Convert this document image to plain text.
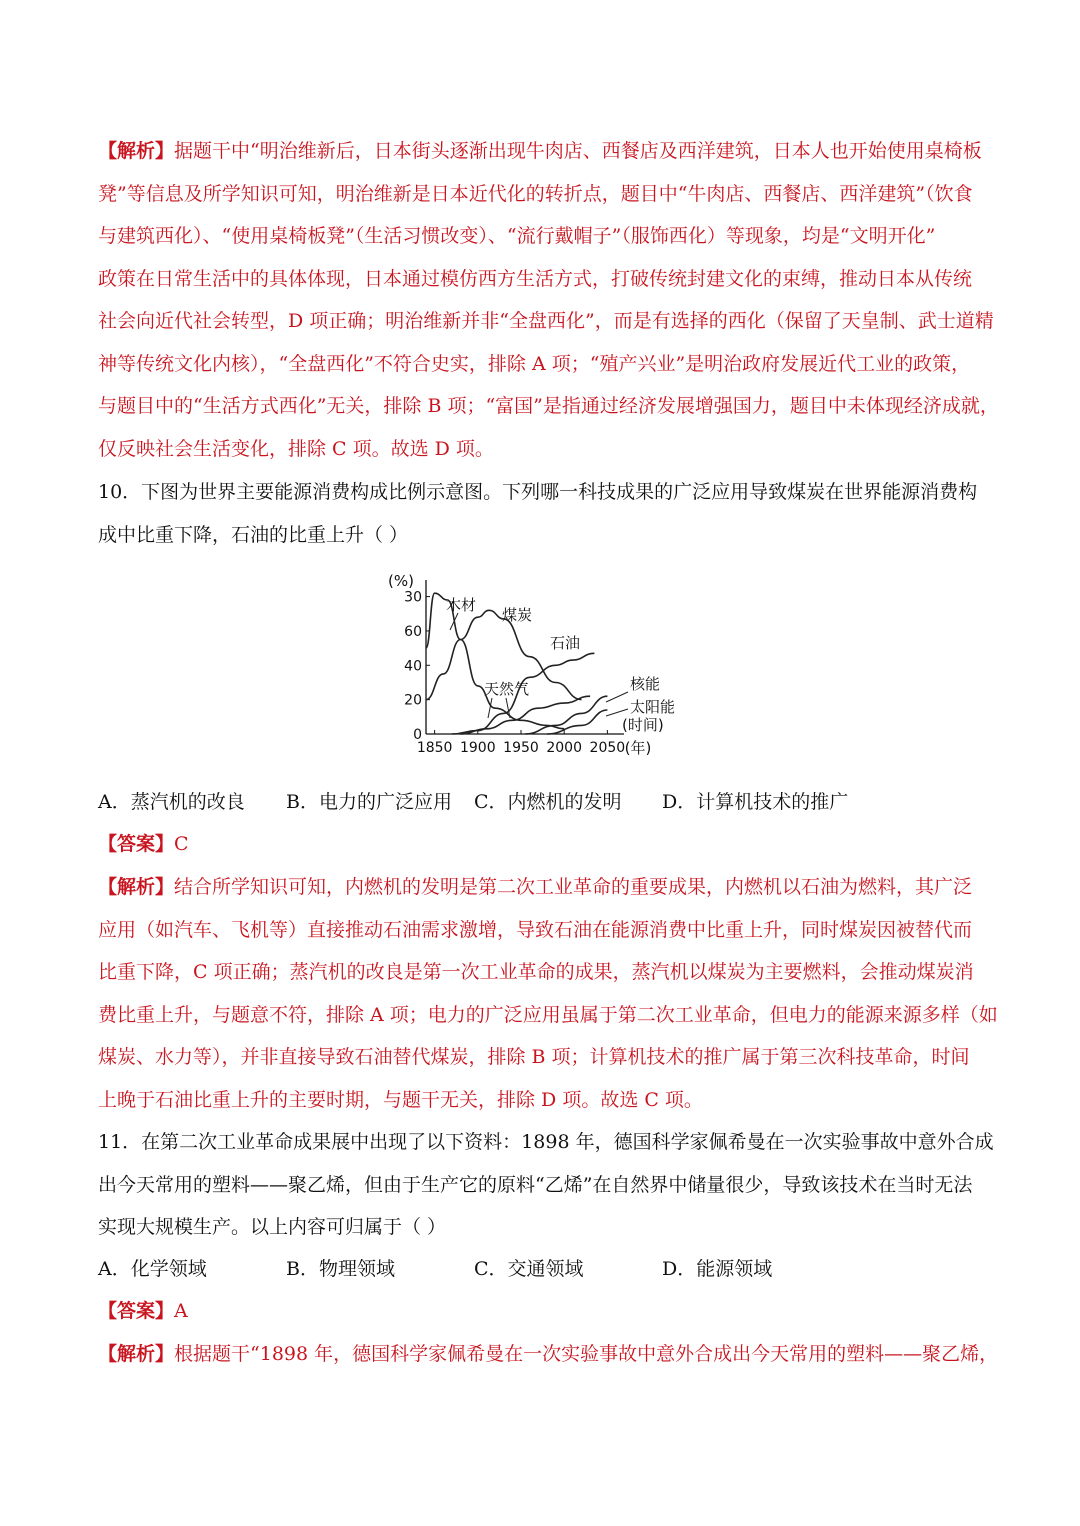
【解析】据题干中“明治维新后，日本街头逐渐出现牛肉店、西餐店及西洋建筑，日本人也开始使用桌椅板
凳”等信息及所学知识可知，明治维新是日本近代化的转折点，题目中“牛肉店、西餐店、西洋建筑”（饮食
与建筑西化）、“使用桌椅板凳”（生活习惯改变）、“流行戴帽子”（服饰西化）等现象，均是“文明开化”
政策在日常生活中的具体体现，日本通过模仿西方生活方式，打破传统封建文化的束缚，推动日本从传统
社会向近代社会转型，D 项正确；明治维新并非“全盘西化”，而是有选择的西化（保留了天皇制、武士道精
神等传统文化内核），“全盘西化”不符合史实，排除 A 项；“殖产兴业”是明治政府发展近代工业的政策，
与题目中的“生活方式西化”无关，排除 B 项；“富国”是指通过经济发展增强国力，题目中未体现经济成就，
仅反映社会生活变化，排除 C 项。故选 D 项。
10．下图为世界主要能源消费构成比例示意图。下列哪一科技成果的广泛应用导致煤炭在世界能源消费构
成中比重下降，石油的比重上升（ ）
(%)
0
20
40
60
30
1850 1900 1950 2000 2050 (年)
木材
煤炭
石油
天然气	核能
太阳能
(时间)
A．蒸汽机的改良 B．电力的广泛应用 C．内燃机的发明 D．计算机技术的推广
【答案】C
【解析】结合所学知识可知，内燃机的发明是第二次工业革命的重要成果，内燃机以石油为燃料，其广泛
应用（如汽车、飞机等）直接推动石油需求激增，导致石油在能源消费中比重上升，同时煤炭因被替代而
比重下降，C 项正确；蒸汽机的改良是第一次工业革命的成果，蒸汽机以煤炭为主要燃料，会推动煤炭消
费比重上升，与题意不符，排除 A 项；电力的广泛应用虽属于第二次工业革命，但电力的能源来源多样（如
煤炭、水力等），并非直接导致石油替代煤炭，排除 B 项；计算机技术的推广属于第三次科技革命，时间
上晚于石油比重上升的主要时期，与题干无关，排除 D 项。故选 C 项。
11．在第二次工业革命成果展中出现了以下资料：1898 年，德国科学家佩希曼在一次实验事故中意外合成
出今天常用的塑料——聚乙烯，但由于生产它的原料“乙烯”在自然界中储量很少，导致该技术在当时无法
实现大规模生产。以上内容可归属于（ ）
A．化学领域	B．物理领域	C．交通领域	D．能源领域
【答案】A
【解析】根据题干“1898 年，德国科学家佩希曼在一次实验事故中意外合成出今天常用的塑料——聚乙烯，
